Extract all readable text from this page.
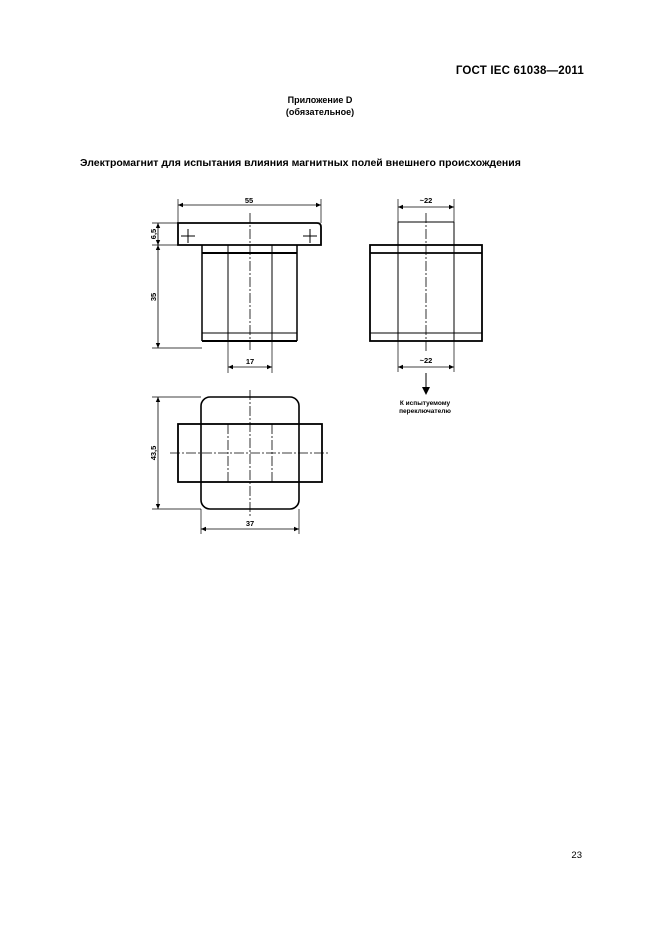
ГОСТ IEC 61038—2011
Приложение D
(обязательное)
Электромагнит для испытания влияния магнитных полей внешнего происхождения
55
6,5
35
17
~22
~22
К испытуемому
переключателю
43,5
37
23
